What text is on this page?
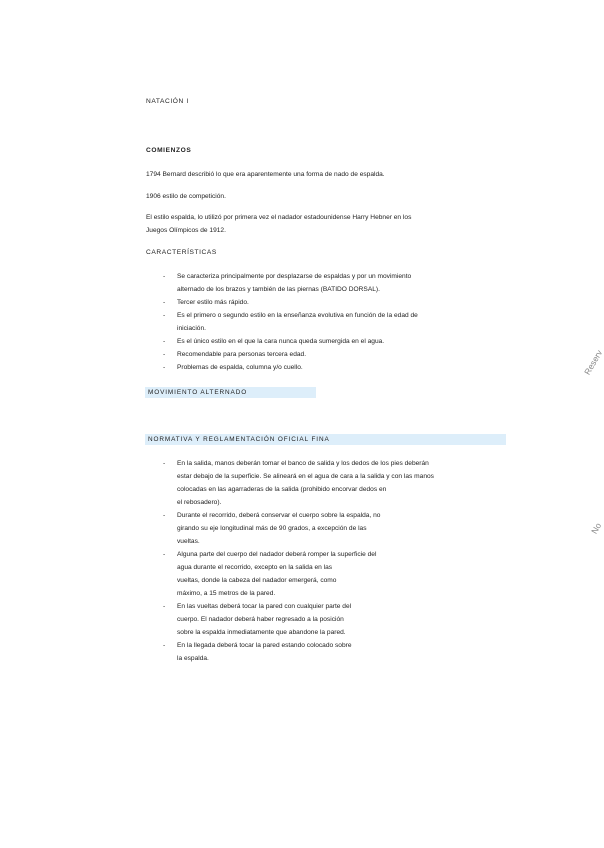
NATACIÓN I
COMIENZOS
1794 Bernard describió lo que era aparentemente una forma de nado de espalda.
1906 estilo de competición.
El estilo espalda, lo utilizó por primera vez el nadador estadounidense Harry Hebner en los
Juegos Olímpicos de 1912.
CARACTERÍSTICAS
- Se caracteriza principalmente por desplazarse de espaldas y por un movimiento
alternado de los brazos y también de las piernas (BATIDO DORSAL).
- Tercer estilo más rápido.
- Es el primero o segundo estilo en la enseñanza evolutiva en función de la edad de
iniciación.
- Es el único estilo en el que la cara nunca queda sumergida en el agua.
- Recomendable para personas tercera edad.
- Problemas de espalda, columna y/o cuello.
MOVIMIENTO ALTERNADO
NORMATIVA Y REGLAMENTACIÓN OFICIAL FINA
- En la salida, manos deberán tomar el banco de salida y los dedos de los pies deberán
estar debajo de la superficie. Se alineará en el agua de cara a la salida y con las manos
colocadas en las agarraderas de la salida (prohibido encorvar dedos en
el rebosadero).
- Durante el recorrido, deberá conservar el cuerpo sobre la espalda, no
girando su eje longitudinal más de 90 grados, a excepción de las
vueltas.
- Alguna parte del cuerpo del nadador deberá romper la superficie del
agua durante el recorrido, excepto en la salida en las
vueltas, donde la cabeza del nadador emergerá, como
máximo, a 15 metros de la pared.
- En las vueltas deberá tocar la pared con cualquier parte del
cuerpo. El nadador deberá haber regresado a la posición
sobre la espalda inmediatamente que abandone la pared.
- En la llegada deberá tocar la pared estando colocado sobre
la espalda.
Reserv
No
